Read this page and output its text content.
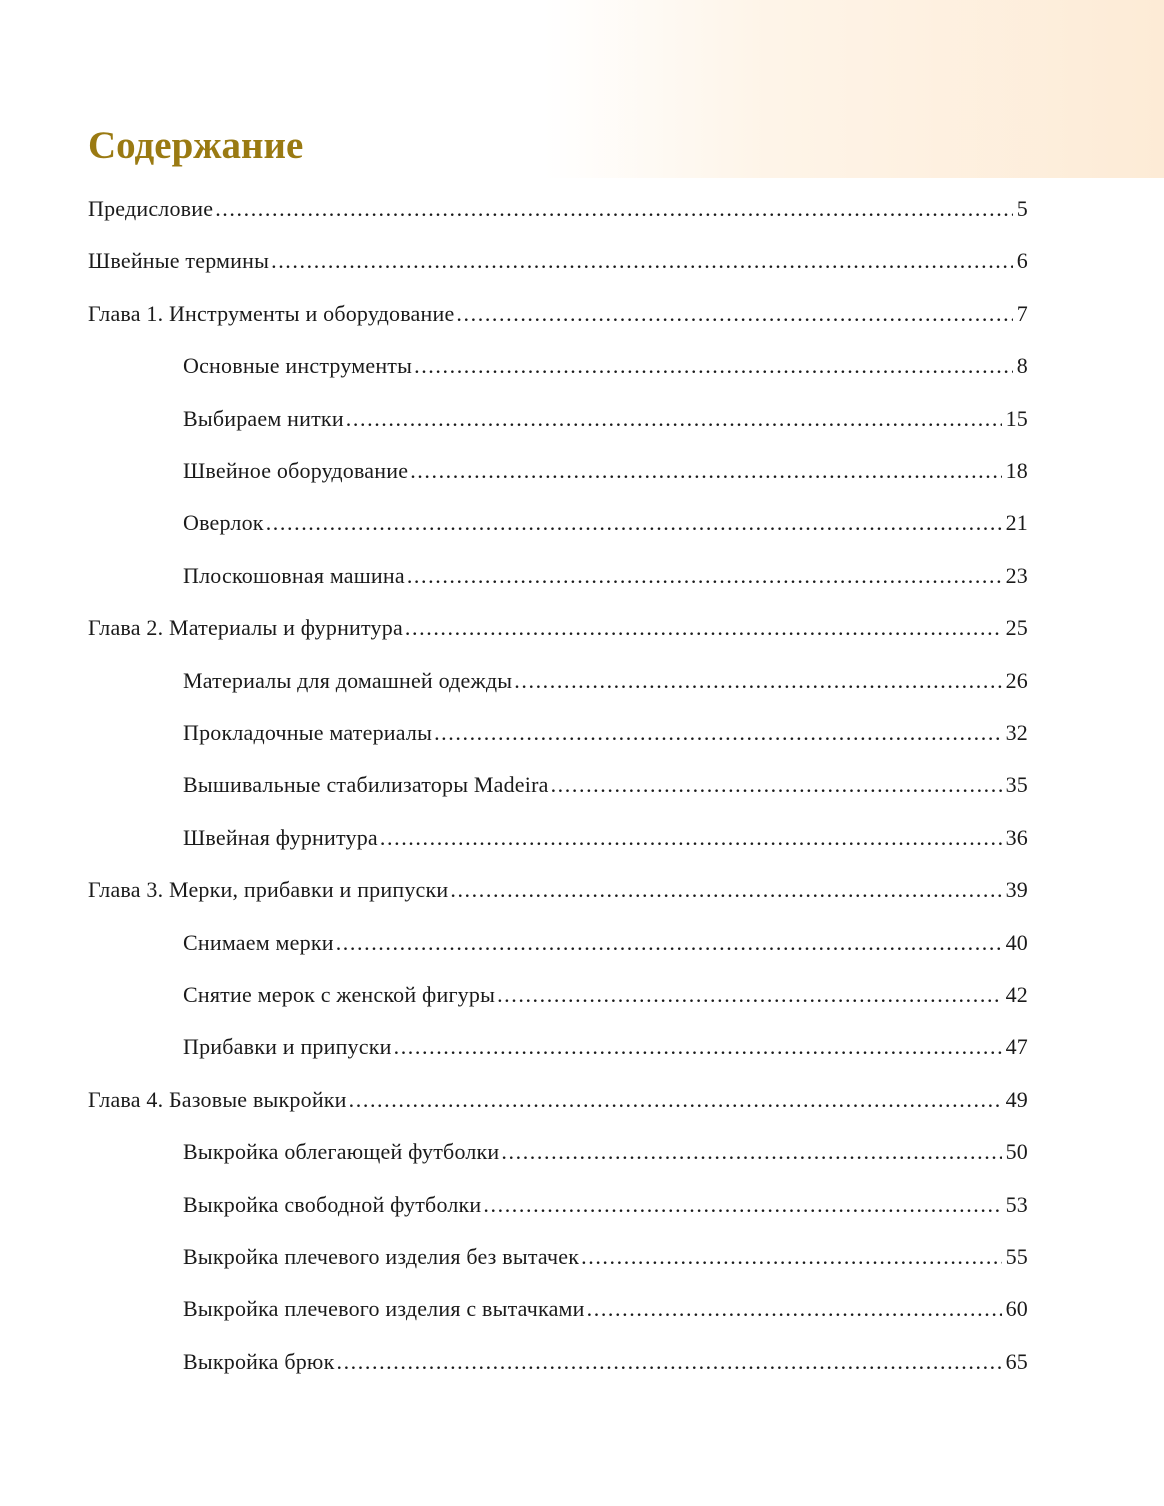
Содержание
Предисловие .....	5
Швейные термины .....	6
Глава 1. Инструменты и оборудование .....	7
Основные инструменты .....	8
Выбираем нитки .....	15
Швейное оборудование .....	18
Оверлок .....	21
Плоскошовная машина .....	23
Глава 2. Материалы и фурнитура .....	25
Материалы для домашней одежды .....	26
Прокладочные материалы .....	32
Вышивальные стабилизаторы Madeira .....	35
Швейная фурнитура .....	36
Глава 3. Мерки, прибавки и припуски .....	39
Снимаем мерки .....	40
Снятие мерок с женской фигуры .....	42
Прибавки и припуски .....	47
Глава 4. Базовые выкройки .....	49
Выкройка облегающей футболки .....	50
Выкройка свободной футболки .....	53
Выкройка плечевого изделия без вытачек .....	55
Выкройка плечевого изделия с вытачками .....	60
Выкройка брюк .....	65
